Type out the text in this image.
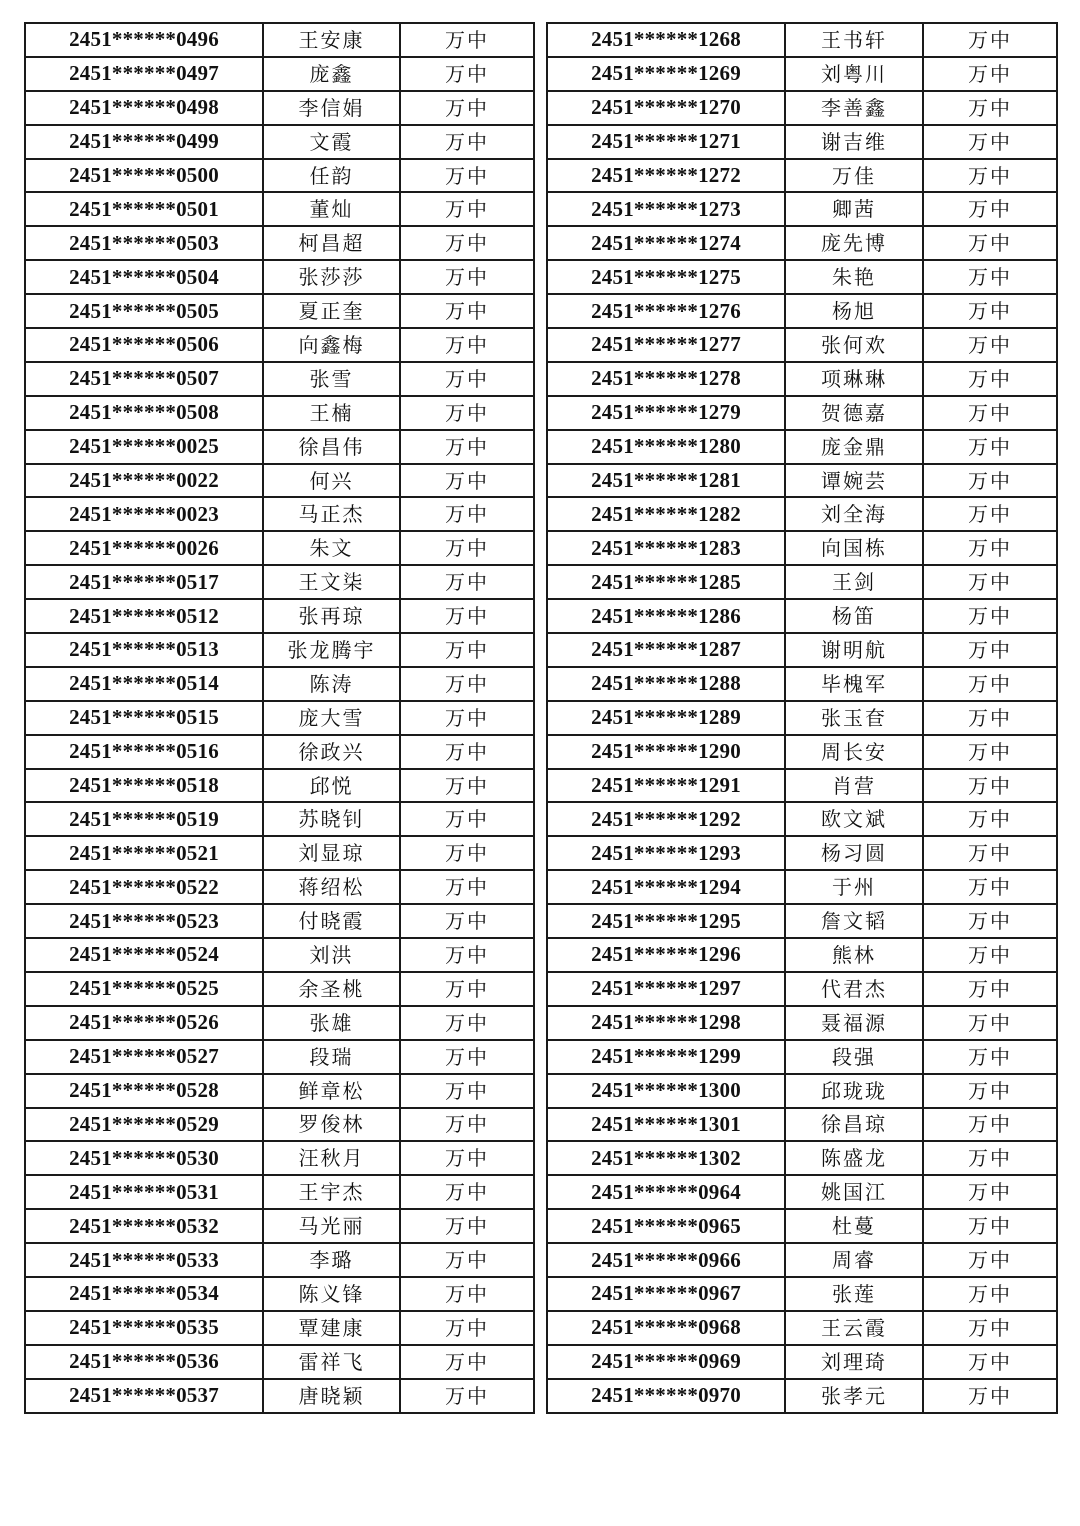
2451******0496	王安康	万中
2451******0497	庞鑫	万中
2451******0498	李信娟	万中
2451******0499	文霞	万中
2451******0500	任韵	万中
2451******0501	董灿	万中
2451******0503	柯昌超	万中
2451******0504	张莎莎	万中
2451******0505	夏正奎	万中
2451******0506	向鑫梅	万中
2451******0507	张雪	万中
2451******0508	王楠	万中
2451******0025	徐昌伟	万中
2451******0022	何兴	万中
2451******0023	马正杰	万中
2451******0026	朱文	万中
2451******0517	王文柒	万中
2451******0512	张再琼	万中
2451******0513	张龙腾宇	万中
2451******0514	陈涛	万中
2451******0515	庞大雪	万中
2451******0516	徐政兴	万中
2451******0518	邱悦	万中
2451******0519	苏晓钊	万中
2451******0521	刘显琼	万中
2451******0522	蒋绍松	万中
2451******0523	付晓霞	万中
2451******0524	刘洪	万中
2451******0525	余圣桃	万中
2451******0526	张雄	万中
2451******0527	段瑞	万中
2451******0528	鲜章松	万中
2451******0529	罗俊林	万中
2451******0530	汪秋月	万中
2451******0531	王宇杰	万中
2451******0532	马光丽	万中
2451******0533	李璐	万中
2451******0534	陈义锋	万中
2451******0535	覃建康	万中
2451******0536	雷祥飞	万中
2451******0537	唐晓颖	万中
2451******1268	王书轩	万中
2451******1269	刘粤川	万中
2451******1270	李善鑫	万中
2451******1271	谢吉维	万中
2451******1272	万佳	万中
2451******1273	卿茜	万中
2451******1274	庞先博	万中
2451******1275	朱艳	万中
2451******1276	杨旭	万中
2451******1277	张何欢	万中
2451******1278	项琳琳	万中
2451******1279	贺德嘉	万中
2451******1280	庞金鼎	万中
2451******1281	谭婉芸	万中
2451******1282	刘全海	万中
2451******1283	向国栋	万中
2451******1285	王剑	万中
2451******1286	杨笛	万中
2451******1287	谢明航	万中
2451******1288	毕槐军	万中
2451******1289	张玉奆	万中
2451******1290	周长安	万中
2451******1291	肖营	万中
2451******1292	欧文斌	万中
2451******1293	杨习圆	万中
2451******1294	于州	万中
2451******1295	詹文韬	万中
2451******1296	熊林	万中
2451******1297	代君杰	万中
2451******1298	聂福源	万中
2451******1299	段强	万中
2451******1300	邱珑珑	万中
2451******1301	徐昌琼	万中
2451******1302	陈盛龙	万中
2451******0964	姚国江	万中
2451******0965	杜蔓	万中
2451******0966	周睿	万中
2451******0967	张莲	万中
2451******0968	王云霞	万中
2451******0969	刘理琦	万中
2451******0970	张孝元	万中
